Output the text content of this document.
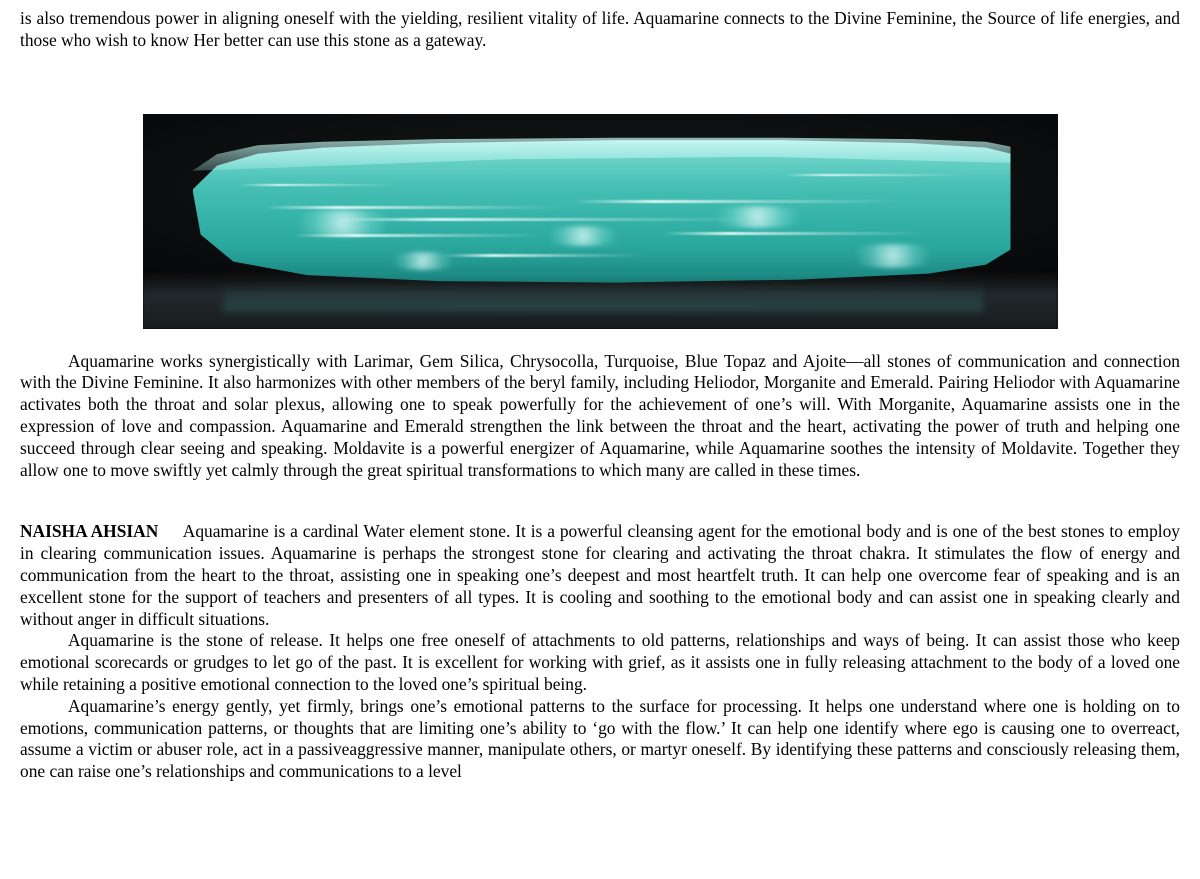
is also tremendous power in aligning oneself with the yielding, resilient vitality of life. Aquamarine connects to the Divine Feminine, the Source of life energies, and those who wish to know Her better can use this stone as a gateway.

Aquamarine works synergistically with Larimar, Gem Silica, Chrysocolla, Turquoise, Blue Topaz and Ajoite—all stones of communication and connection with the Divine Feminine. It also harmonizes with other members of the beryl family, including Heliodor, Morganite and Emerald. Pairing Heliodor with Aquamarine activates both the throat and solar plexus, allowing one to speak powerfully for the achievement of one’s will. With Morganite, Aquamarine assists one in the expression of love and compassion. Aquamarine and Emerald strengthen the link between the throat and the heart, activating the power of truth and helping one succeed through clear seeing and speaking. Moldavite is a powerful energizer of Aquamarine, while Aquamarine soothes the intensity of Moldavite. Together they allow one to move swiftly yet calmly through the great spiritual transformations to which many are called in these times.

NAISHA AHSIAN Aquamarine is a cardinal Water element stone. It is a powerful cleansing agent for the emotional body and is one of the best stones to employ in clearing communication issues. Aquamarine is perhaps the strongest stone for clearing and activating the throat chakra. It stimulates the flow of energy and communication from the heart to the throat, assisting one in speaking one’s deepest and most heartfelt truth. It can help one overcome fear of speaking and is an excellent stone for the support of teachers and presenters of all types. It is cooling and soothing to the emotional body and can assist one in speaking clearly and without anger in difficult situations.

Aquamarine is the stone of release. It helps one free oneself of attachments to old patterns, relationships and ways of being. It can assist those who keep emotional scorecards or grudges to let go of the past. It is excellent for working with grief, as it assists one in fully releasing attachment to the body of a loved one while retaining a positive emotional connection to the loved one’s spiritual being.

Aquamarine’s energy gently, yet firmly, brings one’s emotional patterns to the surface for processing. It helps one understand where one is holding on to emotions, communication patterns, or thoughts that are limiting one’s ability to ‘go with the flow.’ It can help one identify where ego is causing one to overreact, assume a victim or abuser role, act in a passiveaggressive manner, manipulate others, or martyr oneself. By identifying these patterns and consciously releasing them, one can raise one’s relationships and communications to a level
